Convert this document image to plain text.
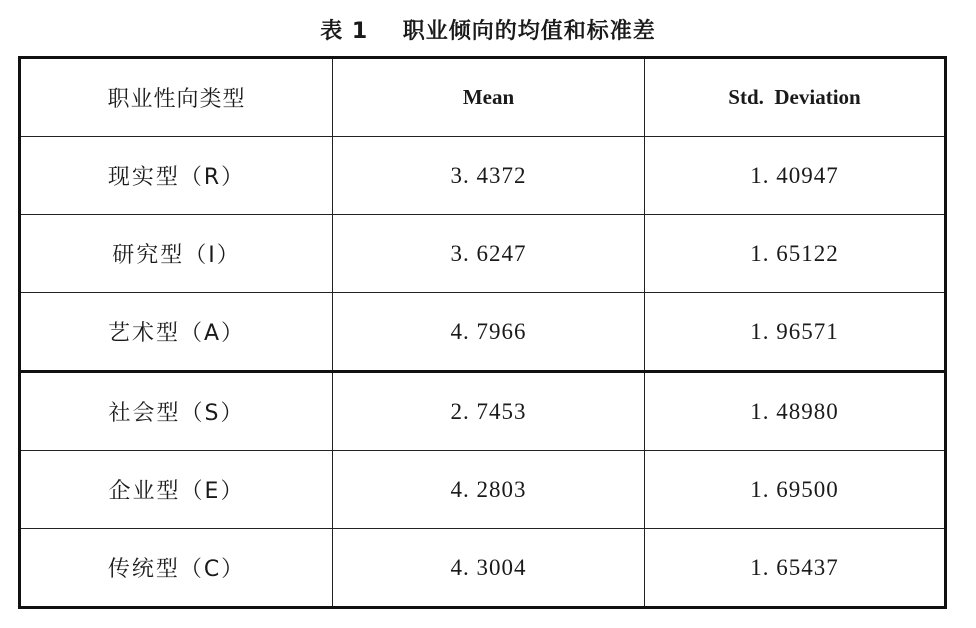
表 1    职业倾向的均值和标准差
职业性向类型	Mean	Std.  Deviation
现实型（R）	3. 4372	1. 40947
研究型（I）	3. 6247	1. 65122
艺术型（A）	4. 7966	1. 96571
社会型（S）	2. 7453	1. 48980
企业型（E）	4. 2803	1. 69500
传统型（C）	4. 3004	1. 65437
